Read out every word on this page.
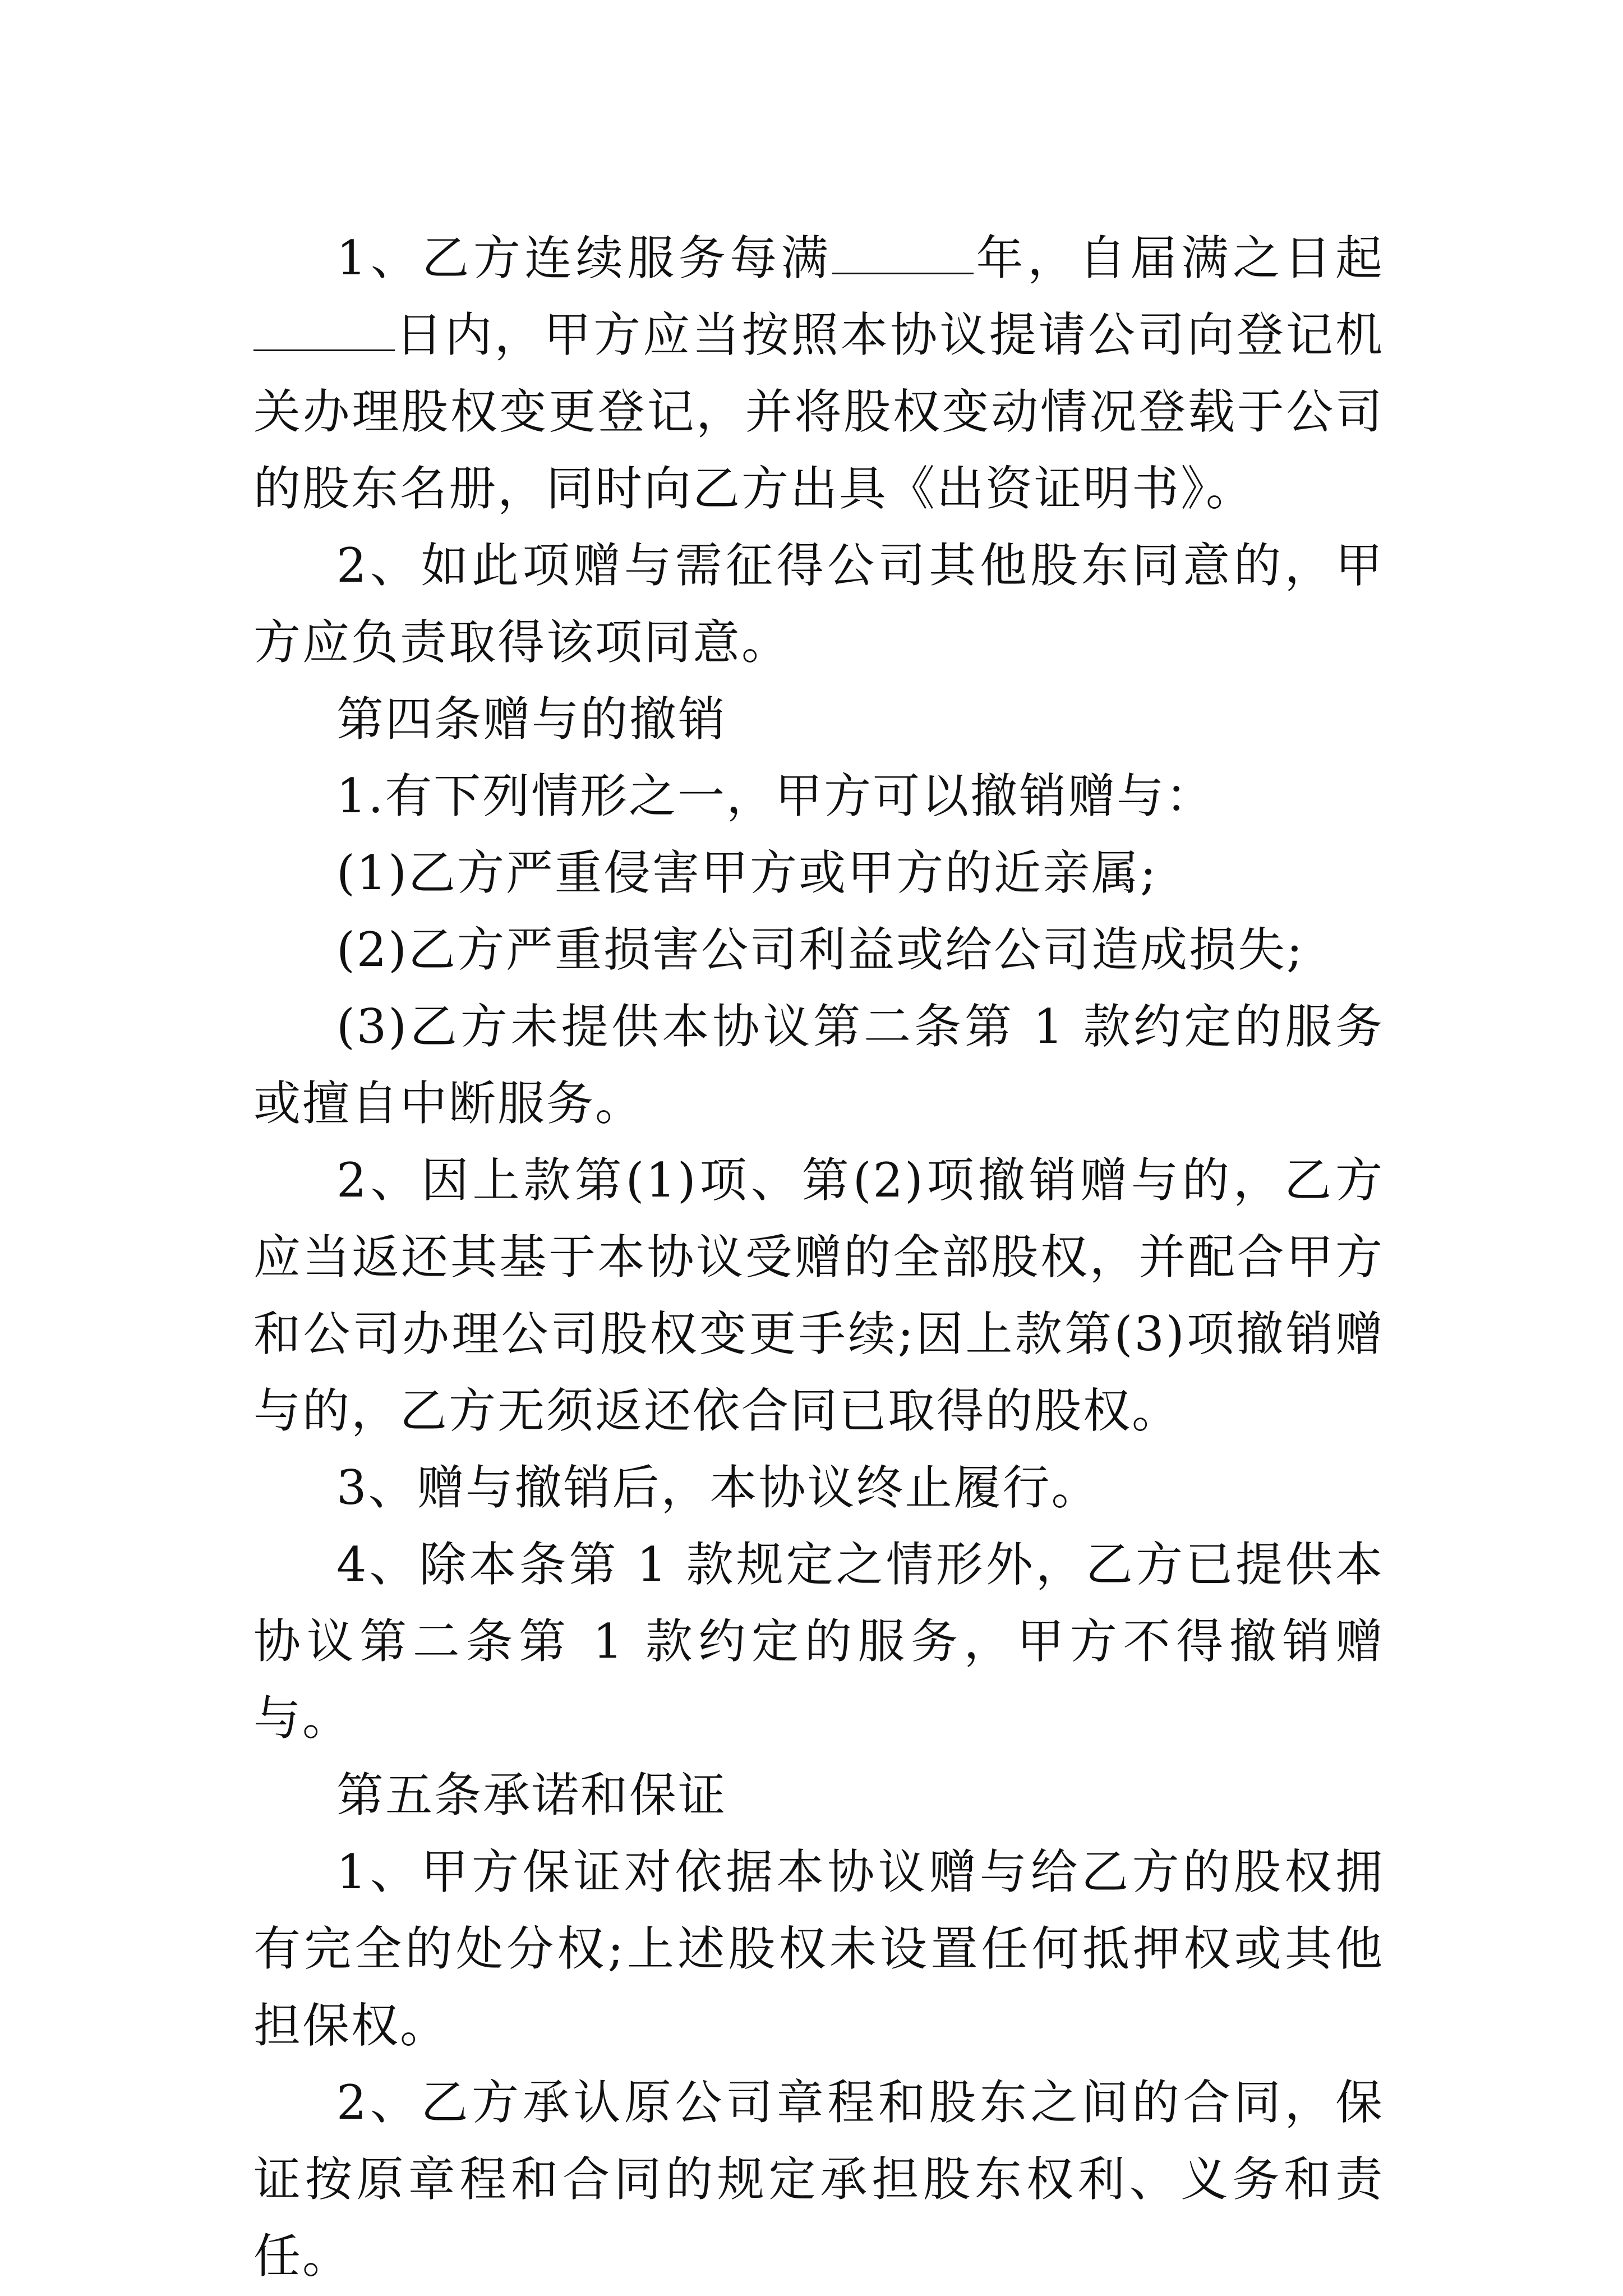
1、乙方连续服务每满	年，自届满之日起日内，甲方应当按照本协议提请公司向登记机关办理股权变更登记，并将股权变动情况登载于公司的股东名册，同时向乙方出具《出资证明书》。

2、如此项赠与需征得公司其他股东同意的，甲方应负责取得该项同意。

第四条赠与的撤销

1.有下列情形之一，甲方可以撤销赠与：

(1)乙方严重侵害甲方或甲方的近亲属;

(2)乙方严重损害公司利益或给公司造成损失;

(3)乙方未提供本协议第二条第 1 款约定的服务或擅自中断服务。

2、因上款第(1)项、第(2)项撤销赠与的，乙方应当返还其基于本协议受赠的全部股权，并配合甲方和公司办理公司股权变更手续;因上款第(3)项撤销赠与的，乙方无须返还依合同已取得的股权。

3、赠与撤销后，本协议终止履行。

4、除本条第 1 款规定之情形外，乙方已提供本协议第二条第 1 款约定的服务，甲方不得撤销赠与。

第五条承诺和保证

1、甲方保证对依据本协议赠与给乙方的股权拥有完全的处分权;上述股权未设置任何抵押权或其他担保权。

2、乙方承认原公司章程和股东之间的合同，保证按原章程和合同的规定承担股东权利、义务和责任。
